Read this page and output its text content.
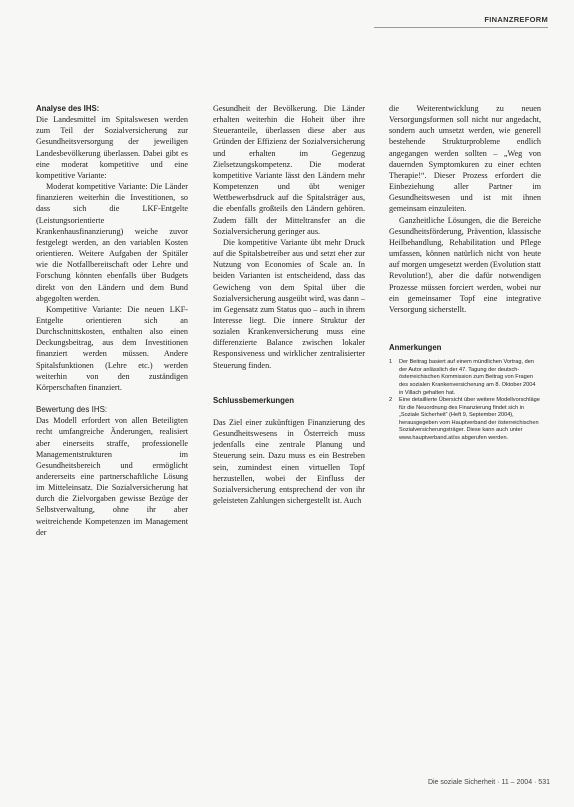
FINANZREFORM

Analyse des IHS:

Die Landesmittel im Spitalswesen werden zum Teil der Sozialversicherung zur Gesundheitsversorgung der jeweiligen Landesbevölkerung überlassen. Dabei gibt es eine moderat kompetitive und eine kompetitive Variante:

Moderat kompetitive Variante: Die Länder finanzieren weiterhin die Investitionen, so dass sich die LKF-Entgelte (Leistungsorientierte Krankenhausfinanzierung) weiche zuvor festgelegt werden, an den variablen Kosten orientieren. Weitere Aufgaben der Spitäler wie die Notfallbereitschaft oder Lehre und Forschung könnten ebenfalls über Budgets direkt von den Ländern und dem Bund abgegolten werden.

Kompetitive Variante: Die neuen LKF-Entgelte orientieren sich an Durchschnittskosten, enthalten also einen Deckungsbeitrag, aus dem Investitionen finanziert werden müssen. Andere Spitalsfunktionen (Lehre etc.) werden weiterhin von den zuständigen Körperschaften finanziert.

Bewertung des IHS:

Das Modell erfordert von allen Beteiligten recht umfangreiche Änderungen, realisiert aber einerseits straffe, professionelle Managementstrukturen im Gesundheitsbereich und ermöglicht andererseits eine partnerschaftliche Lösung im Mitteleinsatz. Die Sozialversicherung hat durch die Zielvorgaben gewisse Bezüge der Selbstverwaltung, ohne ihr aber weitreichende Kompetenzen im Management der

Gesundheit der Bevölkerung. Die Länder erhalten weiterhin die Hoheit über ihre Steueranteile, überlassen diese aber aus Gründen der Effizienz der Sozialversicherung und erhalten im Gegenzug Zielsetzungskompetenz. Die moderat kompetitive Variante lässt den Ländern mehr Kompetenzen und übt weniger Wettbewerbsdruck auf die Spitalsträger aus, die ebenfalls großteils den Ländern gehören. Zudem fällt der Mitteltransfer an die Sozialversicherung geringer aus.

Die kompetitive Variante übt mehr Druck auf die Spitalsbetreiber aus und setzt eher zur Nutzung von Economies of Scale an. In beiden Varianten ist entscheidend, dass das Gewicheng von dem Spital über die Sozialversicherung ausgeübt wird, was dann – im Gegensatz zum Status quo – auch in ihrem Interesse liegt. Die innere Struktur der sozialen Krankenversicherung muss eine differenzierte Balance zwischen lokaler Responsiveness und wirklicher zentralisierter Steuerung finden.

Schlussbemerkungen

Das Ziel einer zukünftigen Finanzierung des Gesundheitswesens in Österreich muss jedenfalls eine zentrale Planung und Steuerung sein. Dazu muss es ein Bestreben sein, zumindest einen virtuellen Topf herzustellen, wobei der Einfluss der Sozialversicherung entsprechend der von ihr geleisteten Zahlungen sichergestellt ist. Auch

die Weiterentwicklung zu neuen Versorgungsformen soll nicht nur angedacht, sondern auch umsetzt werden, wie generell bestehende Strukturprobleme endlich angegangen werden sollten – „Weg von dauernden Symptomkuren zu einer echten Therapie!“. Dieser Prozess erfordert die Einbeziehung aller Partner im Gesundheitswesen und ist mit ihnen gemeinsam einzuleiten.

Ganzheitliche Lösungen, die die Bereiche Gesundheitsförderung, Prävention, klassische Heilbehandlung, Rehabilitation und Pflege umfassen, können natürlich nicht von heute auf morgen umgesetzt werden (Evolution statt Revolution!), aber die dafür notwendigen Prozesse müssen forciert werden, wobei nur ein gemeinsamer Topf eine integrative Versorgung sicherstellt.

Anmerkungen

1 Der Beitrag basiert auf einem mündlichen Vortrag, den der Autor anlässlich der 47. Tagung der deutsch-österreichischen Kommission zum Beitrag von Fragen des sozialen Krankenversicherung am 8. Oktober 2004 in Villach gehalten hat.
2 Eine detaillierte Übersicht über weitere Modellvorschläge für die Neuordnung des Finanzierung findet sich in „Soziale Sicherheit“ (Heft 9, September 2004), herausgegeben vom Hauptverband der österreichischen Sozialversicherungsträger. Diese kann auch unter www.hauptverband.at/ss abgerufen werden.
Die soziale Sicherheit · 11 – 2004 · 531
